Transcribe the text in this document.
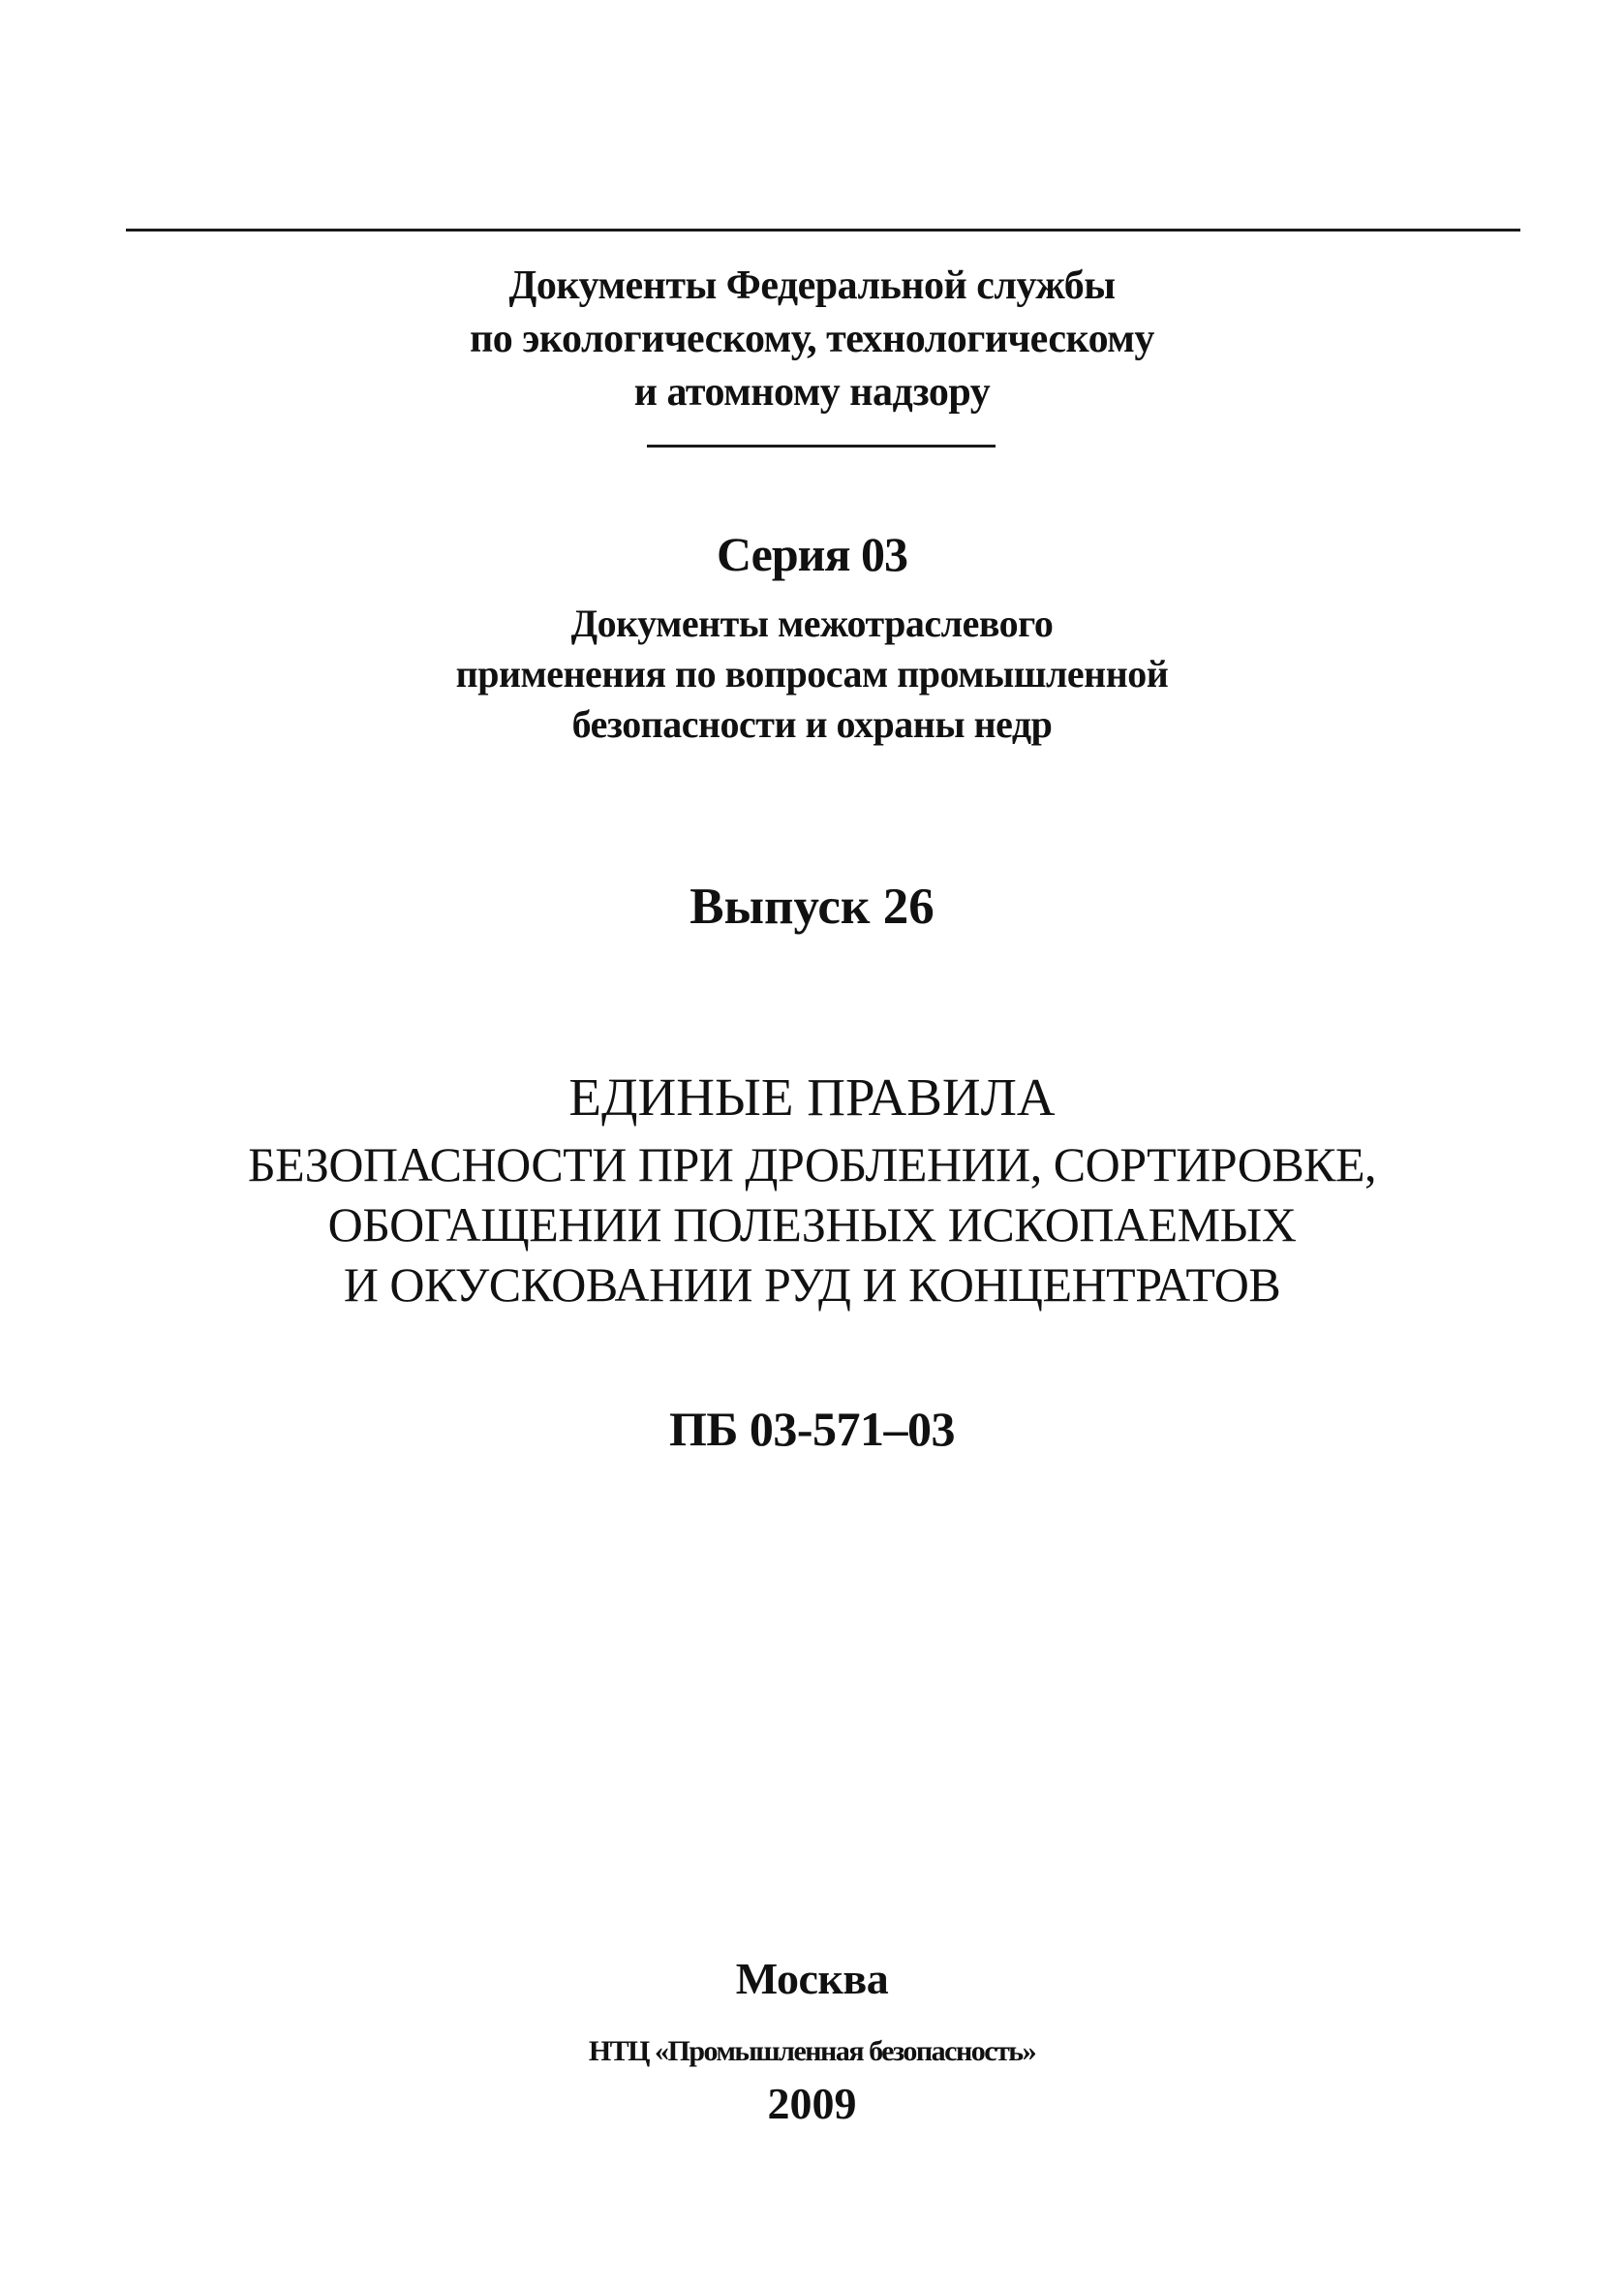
Документы Федеральной службы
по экологическому, технологическому
и атомному надзору
Серия 03
Документы межотраслевого
применения по вопросам промышленной
безопасности и охраны недр
Выпуск 26
ЕДИНЫЕ ПРАВИЛА
БЕЗОПАСНОСТИ ПРИ ДРОБЛЕНИИ, СОРТИРОВКЕ,
ОБОГАЩЕНИИ ПОЛЕЗНЫХ ИСКОПАЕМЫХ
И ОКУСКОВАНИИ РУД И КОНЦЕНТРАТОВ
ПБ 03-571–03
Москва
НТЦ «Промышленная безопасность»
2009
